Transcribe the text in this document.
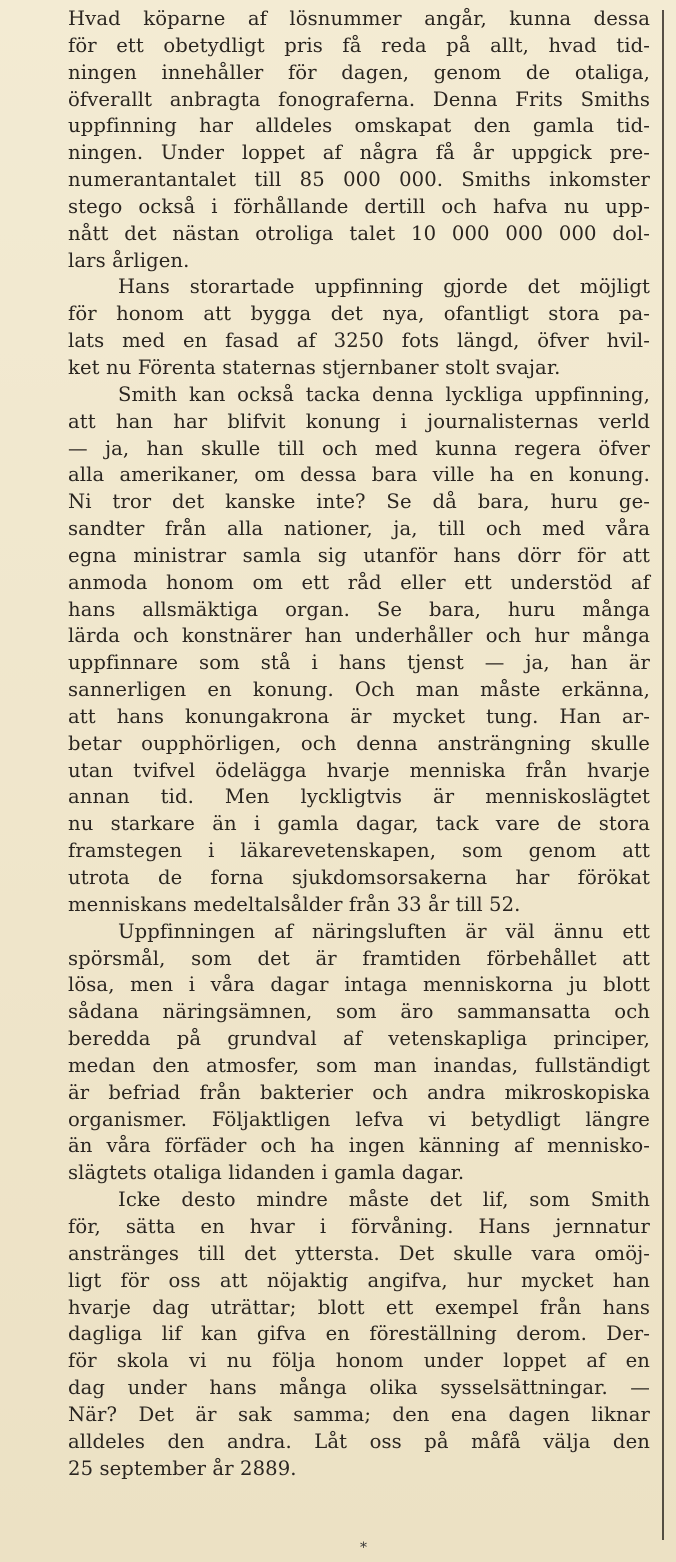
Hvad köparne af lösnummer angår, kunna dessa
för ett obetydligt pris få reda på allt, hvad tid-
ningen innehåller för dagen, genom de otaliga,
öfverallt anbragta fonograferna. Denna Frits Smiths
uppfinning har alldeles omskapat den gamla tid-
ningen. Under loppet af några få år uppgick pre-
numerantantalet till 85 000 000. Smiths inkomster
stego också i förhållande dertill och hafva nu upp-
nått det nästan otroliga talet 10 000 000 000 dol-
lars årligen.
Hans storartade uppfinning gjorde det möjligt
för honom att bygga det nya, ofantligt stora pa-
lats med en fasad af 3250 fots längd, öfver hvil-
ket nu Förenta staternas stjernbaner stolt svajar.
Smith kan också tacka denna lyckliga uppfinning,
att han har blifvit konung i journalisternas verld
— ja, han skulle till och med kunna regera öfver
alla amerikaner, om dessa bara ville ha en konung.
Ni tror det kanske inte? Se då bara, huru ge-
sandter från alla nationer, ja, till och med våra
egna ministrar samla sig utanför hans dörr för att
anmoda honom om ett råd eller ett understöd af
hans allsmäktiga organ. Se bara, huru många
lärda och konstnärer han underhåller och hur många
uppfinnare som stå i hans tjenst — ja, han är
sannerligen en konung. Och man måste erkänna,
att hans konungakrona är mycket tung. Han ar-
betar oupphörligen, och denna ansträngning skulle
utan tvifvel ödelägga hvarje menniska från hvarje
annan tid. Men lyckligtvis är menniskoslägtet
nu starkare än i gamla dagar, tack vare de stora
framstegen i läkarevetenskapen, som genom att
utrota de forna sjukdomsorsakerna har förökat
menniskans medeltalsålder från 33 år till 52.
Uppfinningen af näringsluften är väl ännu ett
spörsmål, som det är framtiden förbehållet att
lösa, men i våra dagar intaga menniskorna ju blott
sådana näringsämnen, som äro sammansatta och
beredda på grundval af vetenskapliga principer,
medan den atmosfer, som man inandas, fullständigt
är befriad från bakterier och andra mikroskopiska
organismer. Följaktligen lefva vi betydligt längre
än våra förfäder och ha ingen känning af mennisko-
slägtets otaliga lidanden i gamla dagar.
Icke desto mindre måste det lif, som Smith
för, sätta en hvar i förvåning. Hans jernnatur
anstränges till det yttersta. Det skulle vara omöj-
ligt för oss att nöjaktig angifva, hur mycket han
hvarje dag uträttar; blott ett exempel från hans
dagliga lif kan gifva en föreställning derom. Der-
för skola vi nu följa honom under loppet af en
dag under hans många olika sysselsättningar. —
När? Det är sak samma; den ena dagen liknar
alldeles den andra. Låt oss på måfå välja den
25 september år 2889.
*
